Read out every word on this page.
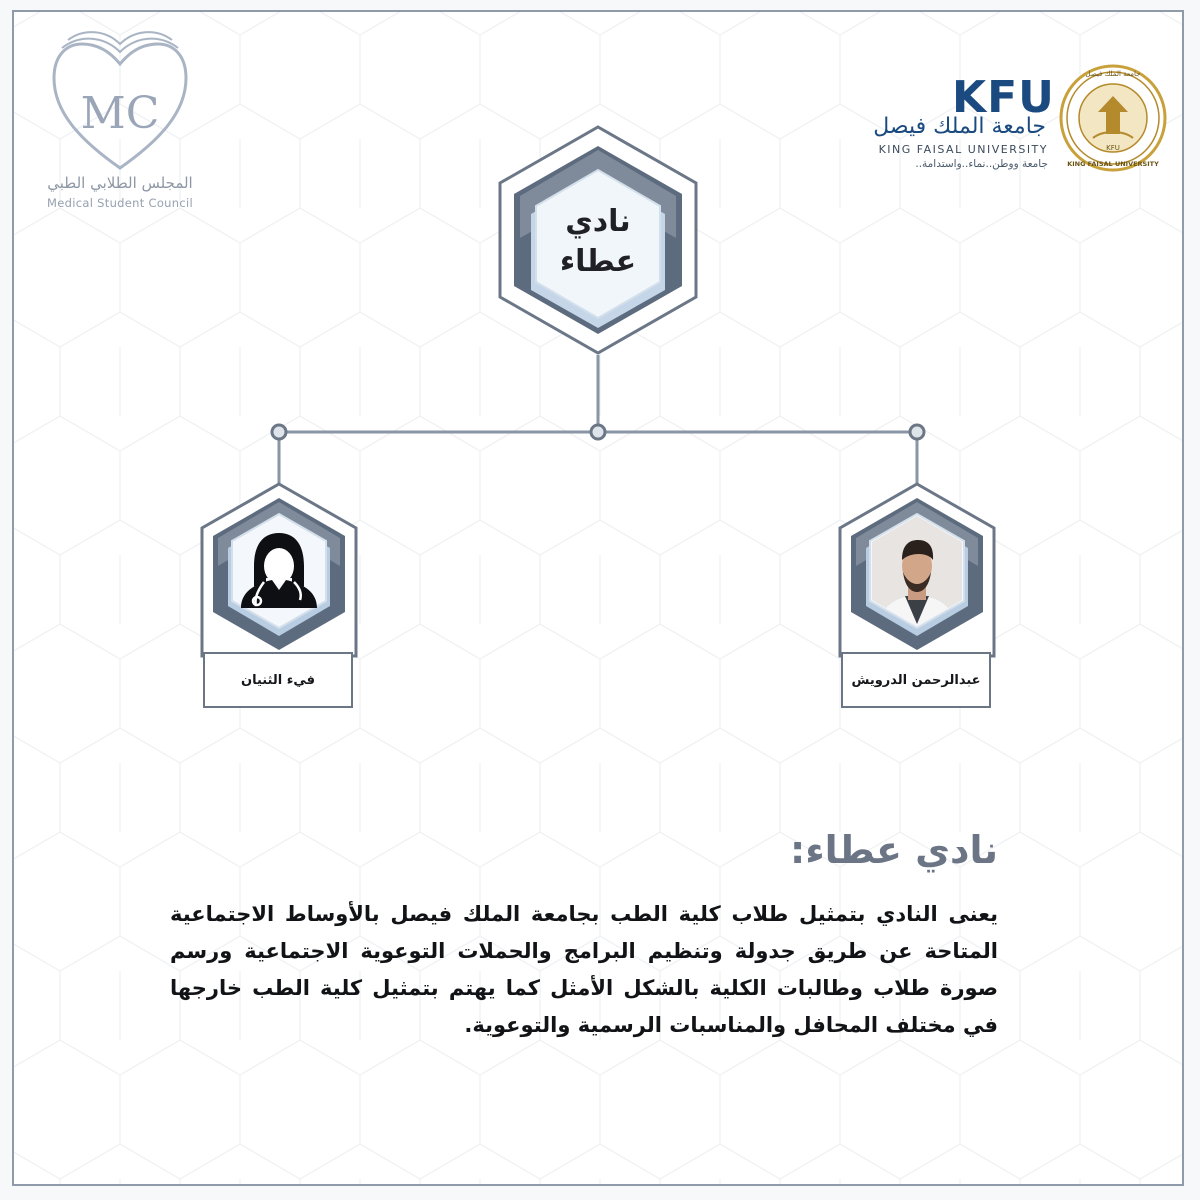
MC
KFU
KING FAISAL UNIVERSITY
جامعة الملك فيصل
المجلس الطلابي الطبي
Medical Student Council
KFU
جامعة الملك فيصل
KING FAISAL UNIVERSITY
جامعة ووطن..نماء..واستدامة..
نادي
عطاء
فيء الثنيان	عبدالرحمن الدرويش
نادي عطاء:
يعنى النادي بتمثيل طلاب كلية الطب بجامعة الملك فيصل بالأوساط الاجتماعية المتاحة عن طريق جدولة وتنظيم البرامج والحملات التوعوية الاجتماعية ورسم صورة طلاب وطالبات الكلية بالشكل الأمثل كما يهتم بتمثيل كلية الطب خارجها في مختلف المحافل والمناسبات الرسمية والتوعوية.
